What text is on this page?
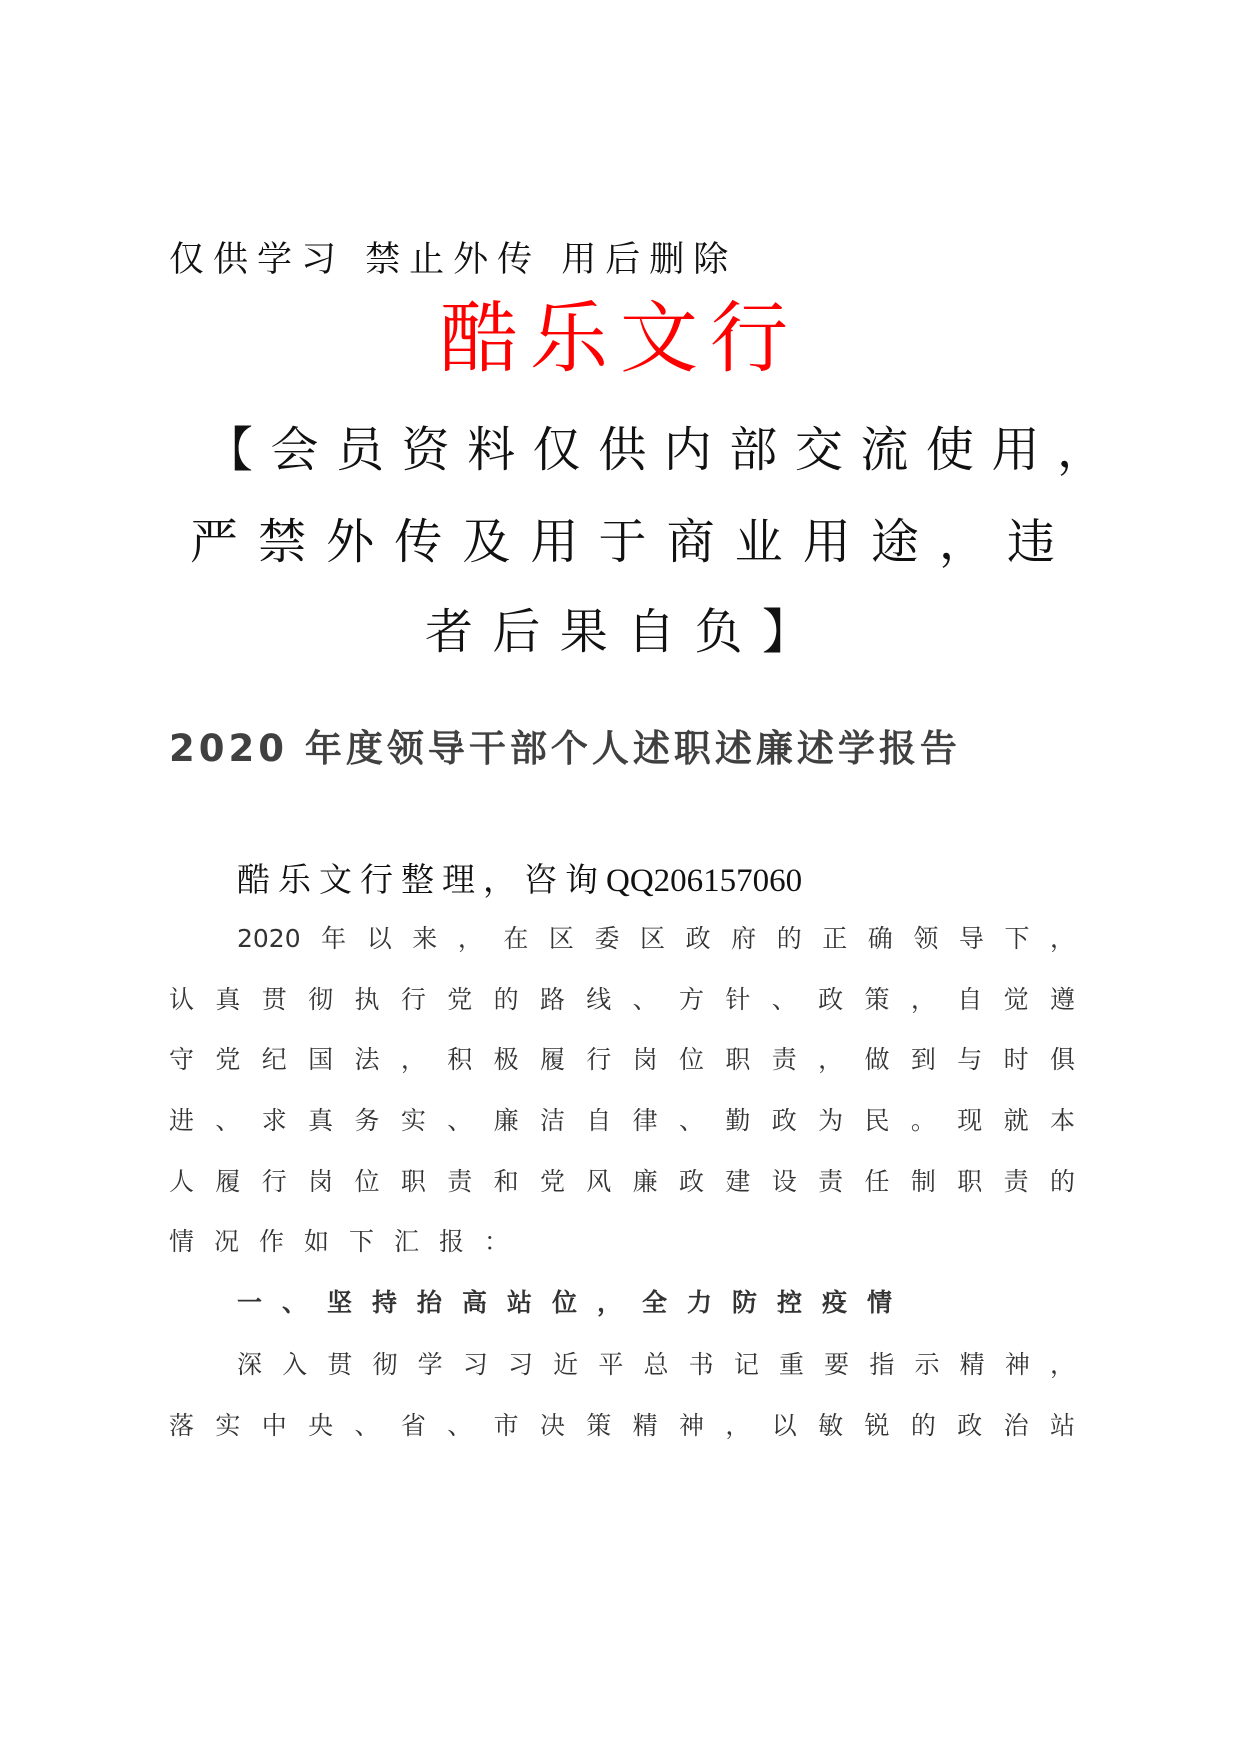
仅供学习 禁止外传 用后删除
酷乐文行
【会员资料仅供内部交流使用，
严禁外传及用于商业用途，违
者后果自负】
2020 年度领导干部个人述职述廉述学报告
酷乐文行整理，咨询QQ206157060
2020年以来，在区委区政府的正确领导下，
认真贯彻执行党的路线、方针、政策，自觉遵
守党纪国法，积极履行岗位职责，做到与时俱
进、求真务实、廉洁自律、勤政为民。现就本
人履行岗位职责和党风廉政建设责任制职责的
情况作如下汇报：
一、坚持抬高站位，全力防控疫情
深入贯彻学习习近平总书记重要指示精神，
落实中央、省、市决策精神，以敏锐的政治站
